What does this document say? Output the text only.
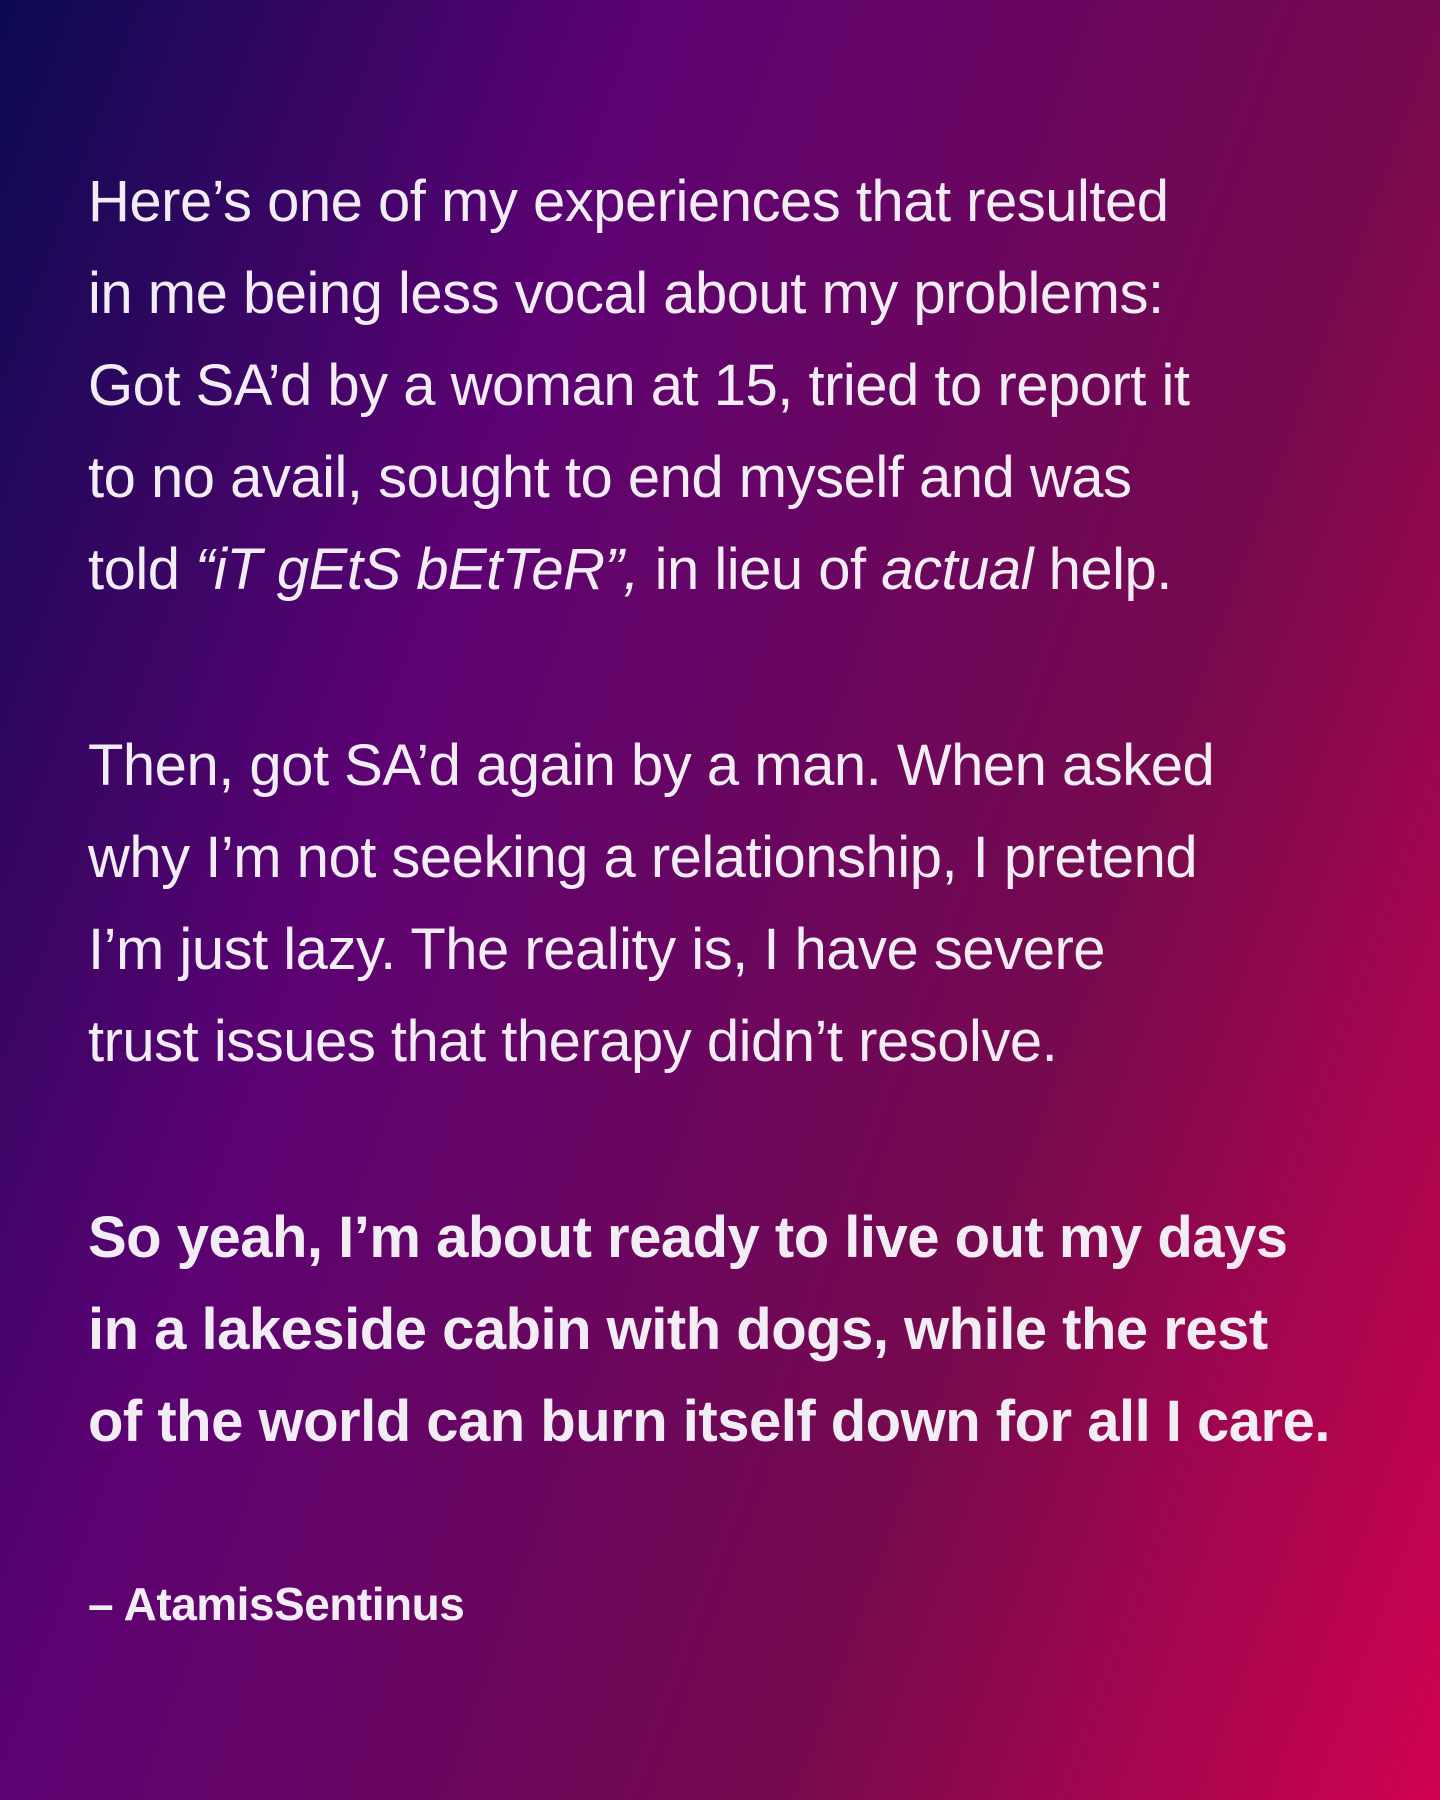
Here’s one of my experiences that resulted
in me being less vocal about my problems:
Got SA’d by a woman at 15, tried to report it
to no avail, sought to end myself and was
told “iT gEtS bEtTeR”, in lieu of actual help.
Then, got SA’d again by a man. When asked
why I’m not seeking a relationship, I pretend
I’m just lazy. The reality is, I have severe
trust issues that therapy didn’t resolve.
So yeah, I’m about ready to live out my days
in a lakeside cabin with dogs, while the rest
of the world can burn itself down for all I care.
– AtamisSentinus
